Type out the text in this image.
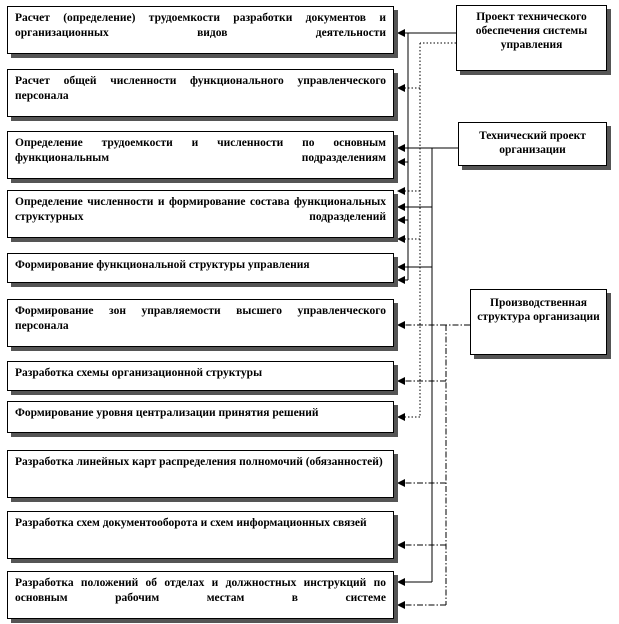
Расчет (определение) трудоемкости разработки документов и организационных видов деятельности
Расчет общей численности функционального управленческого персонала
Определение трудоемкости и численности по основным функциональным подразделениям
Определение численности и формирование состава функциональных структурных подразделений
Формирование функциональной структуры управления
Формирование зон управляемости высшего управленческого персонала
Разработка схемы организационной структуры
Формирование уровня централизации принятия решений
Разработка линейных карт распределения полномочий (обязанностей)
Разработка схем документооборота и схем информационных связей
Разработка положений об отделах и должностных инструкций по основным рабочим местам в системе
Проект технического обеспечения системы управления
Технический проект организации
Производственная структура организации
